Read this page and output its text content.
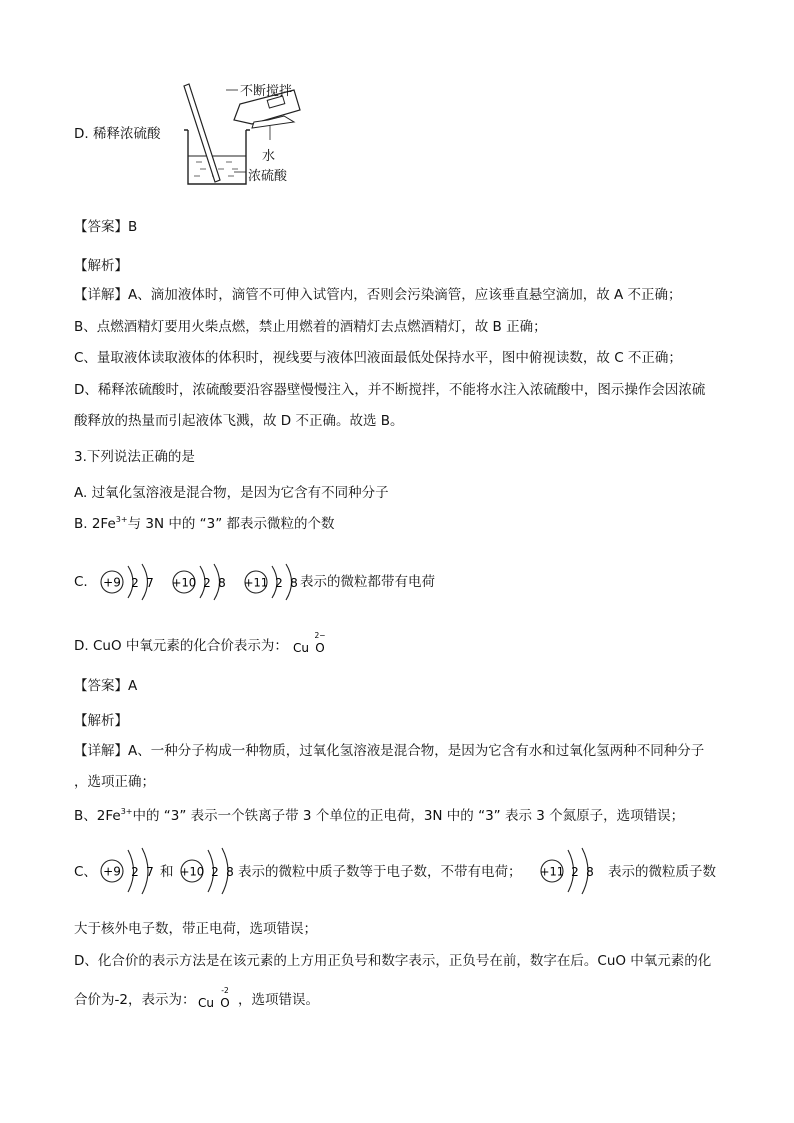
D. 稀释浓硫酸
不断搅拌
水
浓硫酸
【答案】B
【解析】
【详解】A、滴加液体时，滴管不可伸入试管内，否则会污染滴管，应该垂直悬空滴加，故 A 不正确；
B、点燃酒精灯要用火柴点燃，禁止用燃着的酒精灯去点燃酒精灯，故 B 正确；
C、量取液体读取液体的体积时，视线要与液体凹液面最低处保持水平，图中俯视读数，故 C 不正确；
D、稀释浓硫酸时，浓硫酸要沿容器壁慢慢注入，并不断搅拌，不能将水注入浓硫酸中，图示操作会因浓硫
酸释放的热量而引起液体飞溅，故 D 不正确。故选 B。
3.下列说法正确的是
A. 过氧化氢溶液是混合物，是因为它含有不同种分子
B. $2Fe^{3+}$与 3N 中的 “3” 都表示微粒的个数
C. +9 2 7 +10 2 8 +11 2 8 表示的微粒都带有电荷
D. CuO 中氧元素的化合价表示为： Cu O
2−
【答案】A
【解析】
【详解】A、一种分子构成一种物质，过氧化氢溶液是混合物，是因为它含有水和过氧化氢两种不同种分子
，选项正确；
B、$2Fe^{3+}$中的 “3” 表示一个铁离子带 3 个单位的正电荷，3N 中的 “3” 表示 3 个氮原子，选项错误；
C、 +9 2 7 和 +10 2 8 表示的微粒中质子数等于电子数，不带有电荷； +11 2 8 表示的微粒质子数
大于核外电子数，带正电荷，选项错误；
D、化合价的表示方法是在该元素的上方用正负号和数字表示，正负号在前，数字在后。CuO 中氧元素的化
合价为-2，表示为： Cu O
-2
，选项错误。
